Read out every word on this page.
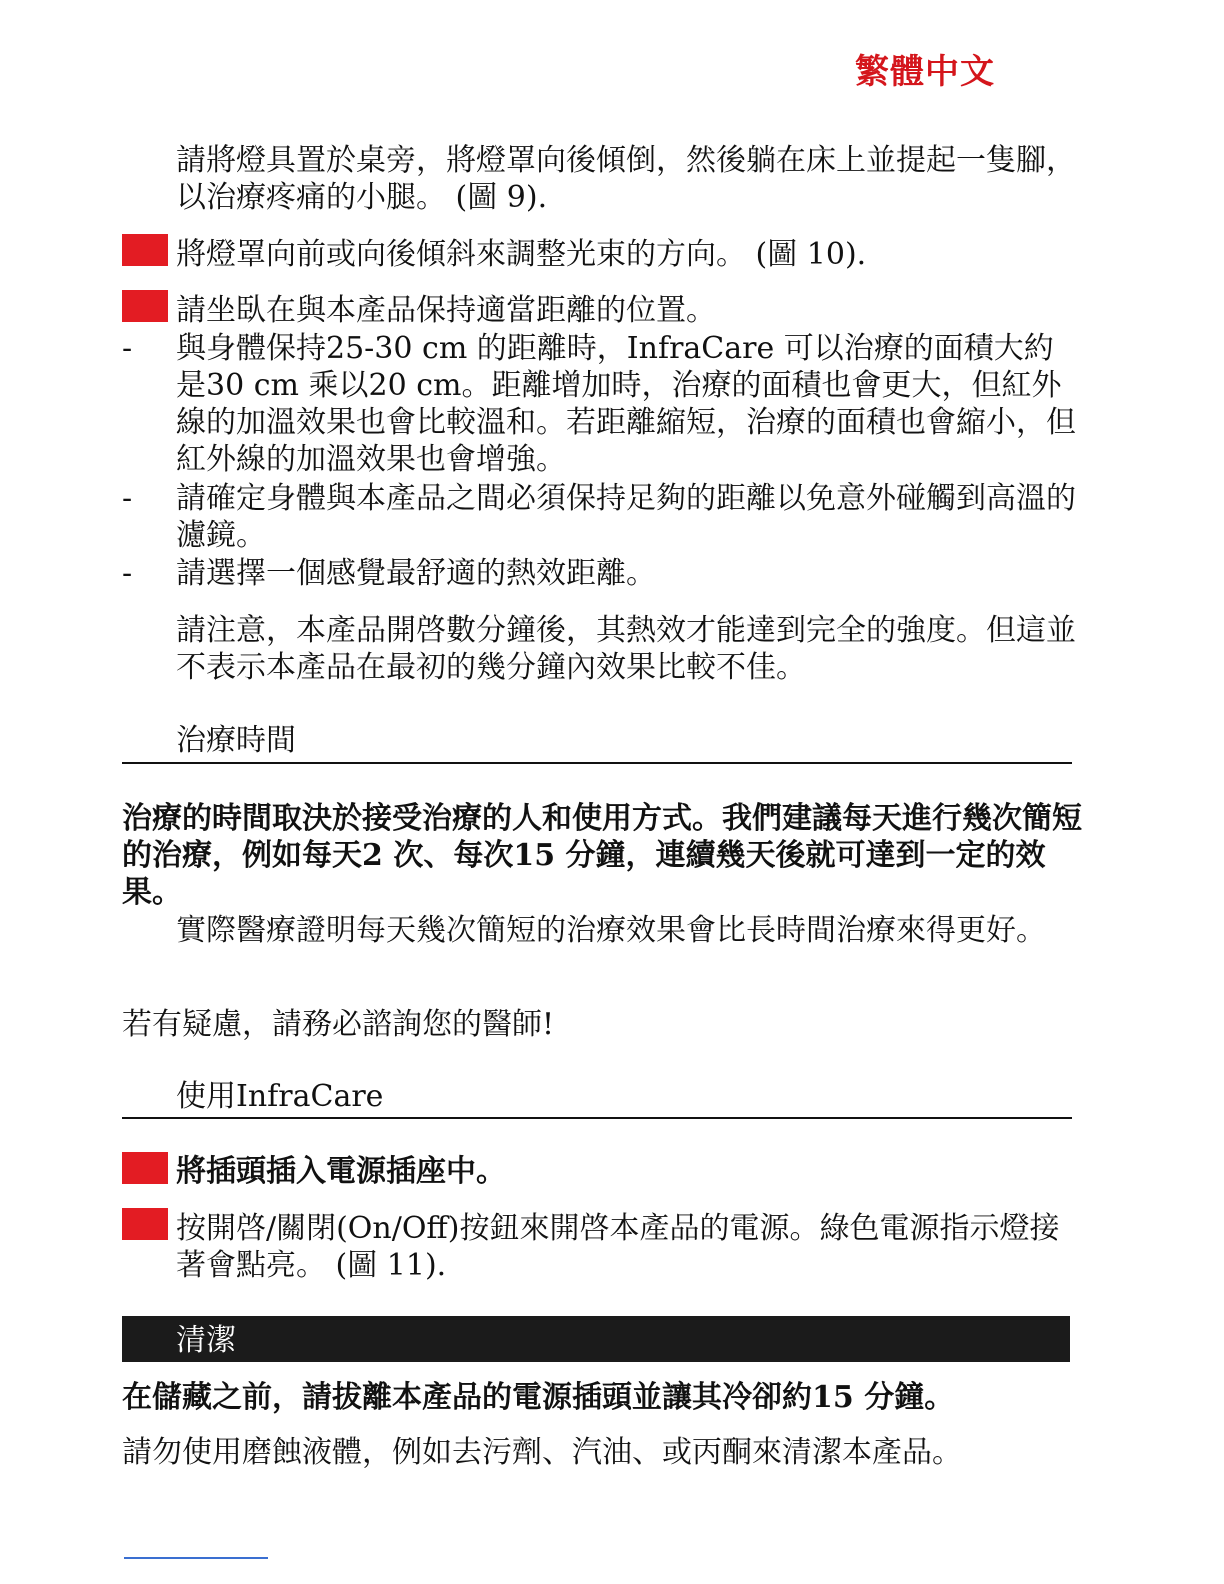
繁體中文

請將燈具置於桌旁，將燈罩向後傾倒，然後躺在床上並提起一隻腳，以治療疼痛的小腿。 (圖 9).

將燈罩向前或向後傾斜來調整光束的方向。 (圖 10).

請坐臥在與本產品保持適當距離的位置。

- 與身體保持25-30 cm 的距離時，InfraCare 可以治療的面積大約是30 cm 乘以20 cm。距離增加時，治療的面積也會更大，但紅外線的加溫效果也會比較溫和。若距離縮短，治療的面積也會縮小，但紅外線的加溫效果也會增強。

- 請確定身體與本產品之間必須保持足夠的距離以免意外碰觸到高溫的濾鏡。

- 請選擇一個感覺最舒適的熱效距離。

請注意，本產品開啓數分鐘後，其熱效才能達到完全的強度。但這並不表示本產品在最初的幾分鐘內效果比較不佳。

治療時間

治療的時間取決於接受治療的人和使用方式。我們建議每天進行幾次簡短的治療，例如每天2 次、每次15 分鐘，連續幾天後就可達到一定的效果。

實際醫療證明每天幾次簡短的治療效果會比長時間治療來得更好。

若有疑慮，請務必諮詢您的醫師!

使用InfraCare

將插頭插入電源插座中。

按開啓/關閉(On/Off)按鈕來開啓本產品的電源。綠色電源指示燈接著會點亮。 (圖 11).

清潔

在儲藏之前，請拔離本產品的電源插頭並讓其冷卻約15 分鐘。

請勿使用磨蝕液體，例如去污劑、汽油、或丙酮來清潔本產品。
